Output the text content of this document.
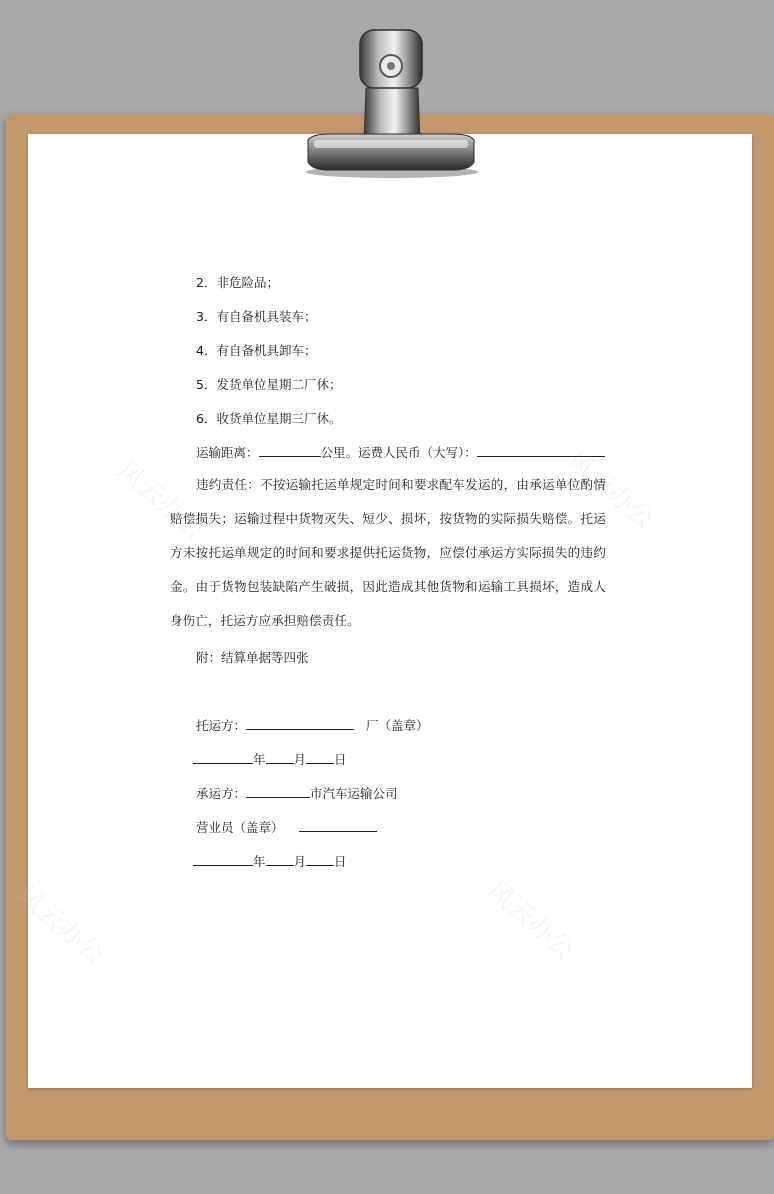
风云办公	风云办公
风云办公	风云办公
2．非危险品；
3．有自备机具装车；
4．有自备机具卸车；
5．发货单位星期二厂休；
6．收货单位星期三厂休。
运输距离：	公里。运费人民币（大写）：
违约责任：不按运输托运单规定时间和要求配车发运的，由承运单位酌情赔偿损失；运输过程中货物灭失、短少、损坏，按货物的实际损失赔偿。托运方未按托运单规定的时间和要求提供托运货物，应偿付承运方实际损失的违约金。由于货物包装缺陷产生破损，因此造成其他货物和运输工具损坏，造成人身伤亡，托运方应承担赔偿责任。
附：结算单据等四张
托运方：	厂（盖章）
年 月 日
承运方：	市汽车运输公司
营业员（盖章）
年 月 日
